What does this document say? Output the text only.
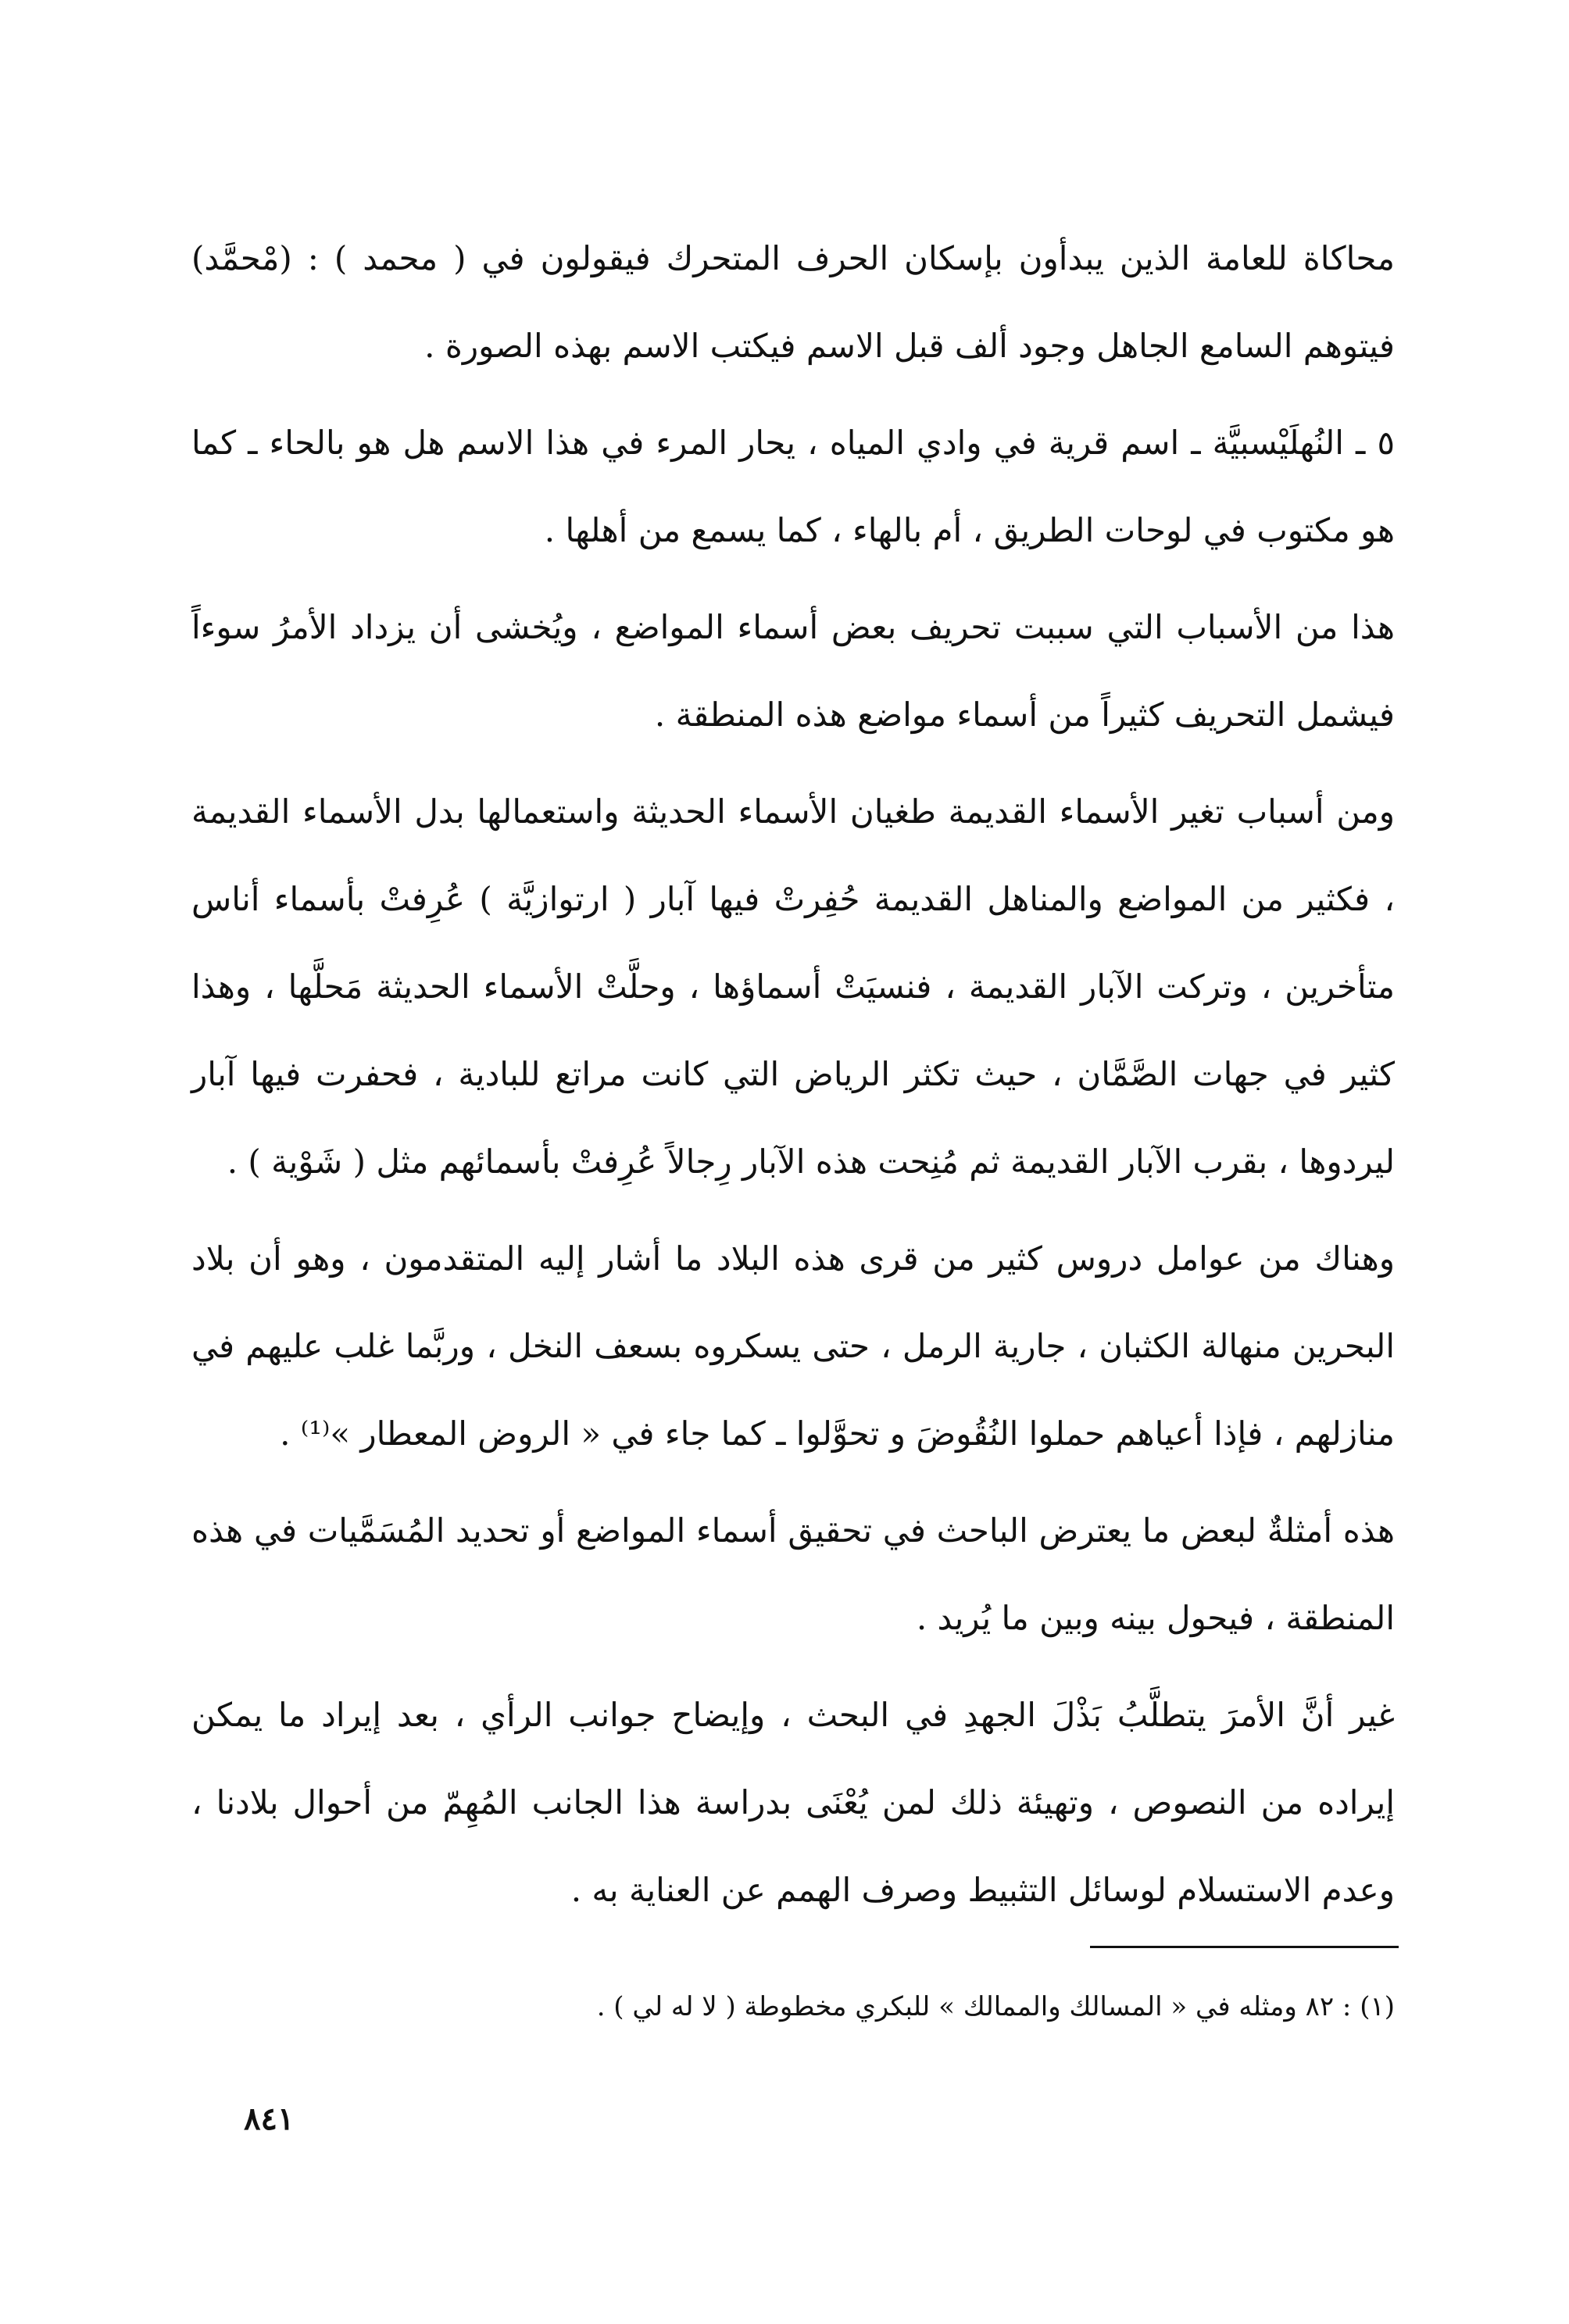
محاكاة للعامة الذين يبدأون بإسكان الحرف المتحرك فيقولون في ( محمد ) : (مْحمَّد) فيتوهم السامع الجاهل وجود ألف قبل الاسم فيكتب الاسم بهذه الصورة .

٥ ـ النُهلَيْسبيَّة ـ اسم قرية في وادي المياه ، يحار المرء في هذا الاسم هل هو بالحاء ـ كما هو مكتوب في لوحات الطريق ، أم بالهاء ، كما يسمع من أهلها .

هذا من الأسباب التي سببت تحريف بعض أسماء المواضع ، ويُخشى أن يزداد الأمرُ سوءاً فيشمل التحريف كثيراً من أسماء مواضع هذه المنطقة .

ومن أسباب تغير الأسماء القديمة طغيان الأسماء الحديثة واستعمالها بدل الأسماء القديمة ، فكثير من المواضع والمناهل القديمة حُفِرتْ فيها آبار ( ارتوازيَّة ) عُرِفتْ بأسماء أناس متأخرين ، وتركت الآبار القديمة ، فنسيَتْ أسماؤها ، وحلَّتْ الأسماء الحديثة مَحلَّها ، وهذا كثير في جهات الصَّمَّان ، حيث تكثر الرياض التي كانت مراتع للبادية ، فحفرت فيها آبار ليردوها ، بقرب الآبار القديمة ثم مُنِحت هذه الآبار رِجالاً عُرِفتْ بأسمائهم مثل ( شَوْية ) .

وهناك من عوامل دروس كثير من قرى هذه البلاد ما أشار إليه المتقدمون ، وهو أن بلاد البحرين منهالة الكثبان ، جارية الرمل ، حتى يسكروه بسعف النخل ، وربَّما غلب عليهم في منازلهم ، فإذا أعياهم حملوا النُقُوضَ و تحوَّلوا ـ كما جاء في « الروض المعطار »⁽¹⁾ .

هذه أمثلةٌ لبعض ما يعترض الباحث في تحقيق أسماء المواضع أو تحديد المُسَمَّيات في هذه المنطقة ، فيحول بينه وبين ما يُريد .

غير أنَّ الأمرَ يتطلَّبُ بَذْلَ الجهدِ في البحث ، وإيضاح جوانب الرأي ، بعد إيراد ما يمكن إيراده من النصوص ، وتهيئة ذلك لمن يُعْنَى بدراسة هذا الجانب المُهِمّ من أحوال بلادنا ، وعدم الاستسلام لوسائل التثبيط وصرف الهمم عن العناية به .

(١) : ٨٢ ومثله في « المسالك والممالك » للبكري مخطوطة ( لا له لي ) .

٨٤١
